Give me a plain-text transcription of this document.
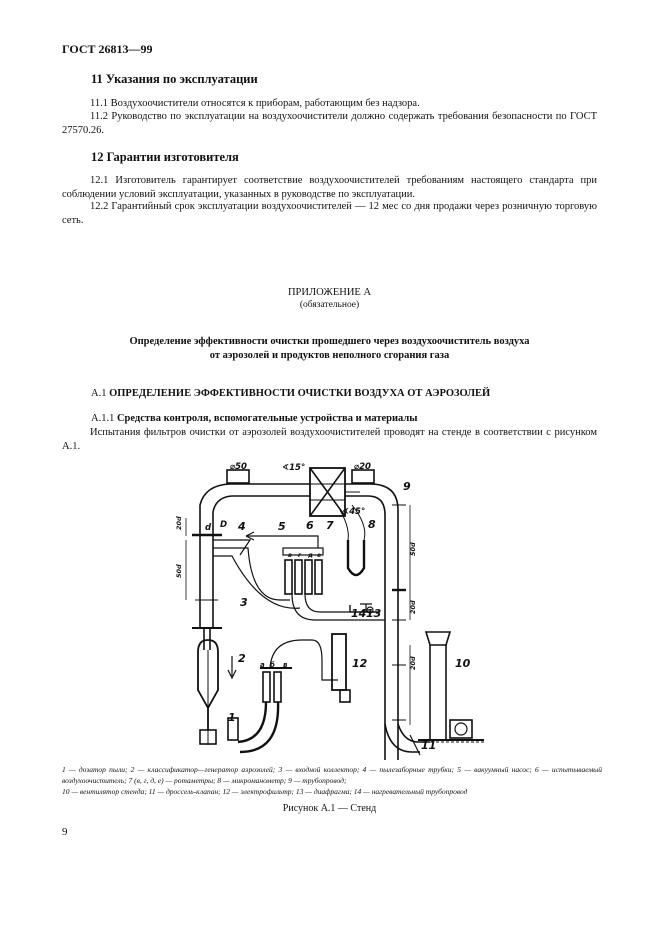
ГОСТ 26813—99
11 Указания по эксплуатации
11.1 Воздухоочистители относятся к приборам, работающим без надзора.
11.2 Руководство по эксплуатации на воздухоочистители должно содержать требования безопасности по ГОСТ 27570.26.
12 Гарантии изготовителя
12.1 Изготовитель гарантирует соответствие воздухоочистителей требованиям настоящего стандарта при соблюдении условий эксплуатации, указанных в руководстве по эксплуатации.
12.2 Гарантийный срок эксплуатации воздухоочистителей — 12 мес со дня продажи через розничную торговую сеть.
ПРИЛОЖЕНИЕ А
(обязательное)
Определение эффективности очистки прошедшего через воздухоочиститель воздуха
от аэрозолей и продуктов неполного сгорания газа
А.1 ОПРЕДЕЛЕНИЕ ЭФФЕКТИВНОСТИ ОЧИСТКИ ВОЗДУХА ОТ АЭРОЗОЛЕЙ
А.1.1 Средства контроля, вспомогательные устройства и материалы
Испытания фильтров очистки от аэрозолей воздухоочистителей проводят на стенде в соответствии с рисунком А.1.
⌀50	∢15°	⌀20
∢45°
D
d
в г д е
а б в
20d
50d
50d
20d
20d
1
2
3
4	5 6 7	8
9
10
11
12
13
14
1 — дозатор пыли; 2 — классификатор—генератор аэрозолей; 3 — входной коллектор; 4 — пылезаборные трубки; 5 — вакуумный насос; 6 — испытываемый воздухоочиститель; 7 (в, г, д, е) — ротаметры; 8 — микроманометр; 9 — трубопровод;
10 — вентилятор стенда; 11 — дроссель-клапан; 12 — электрофильтр; 13 — диафрагма; 14 — нагревательный трубопровод
Рисунок А.1 — Стенд
9
